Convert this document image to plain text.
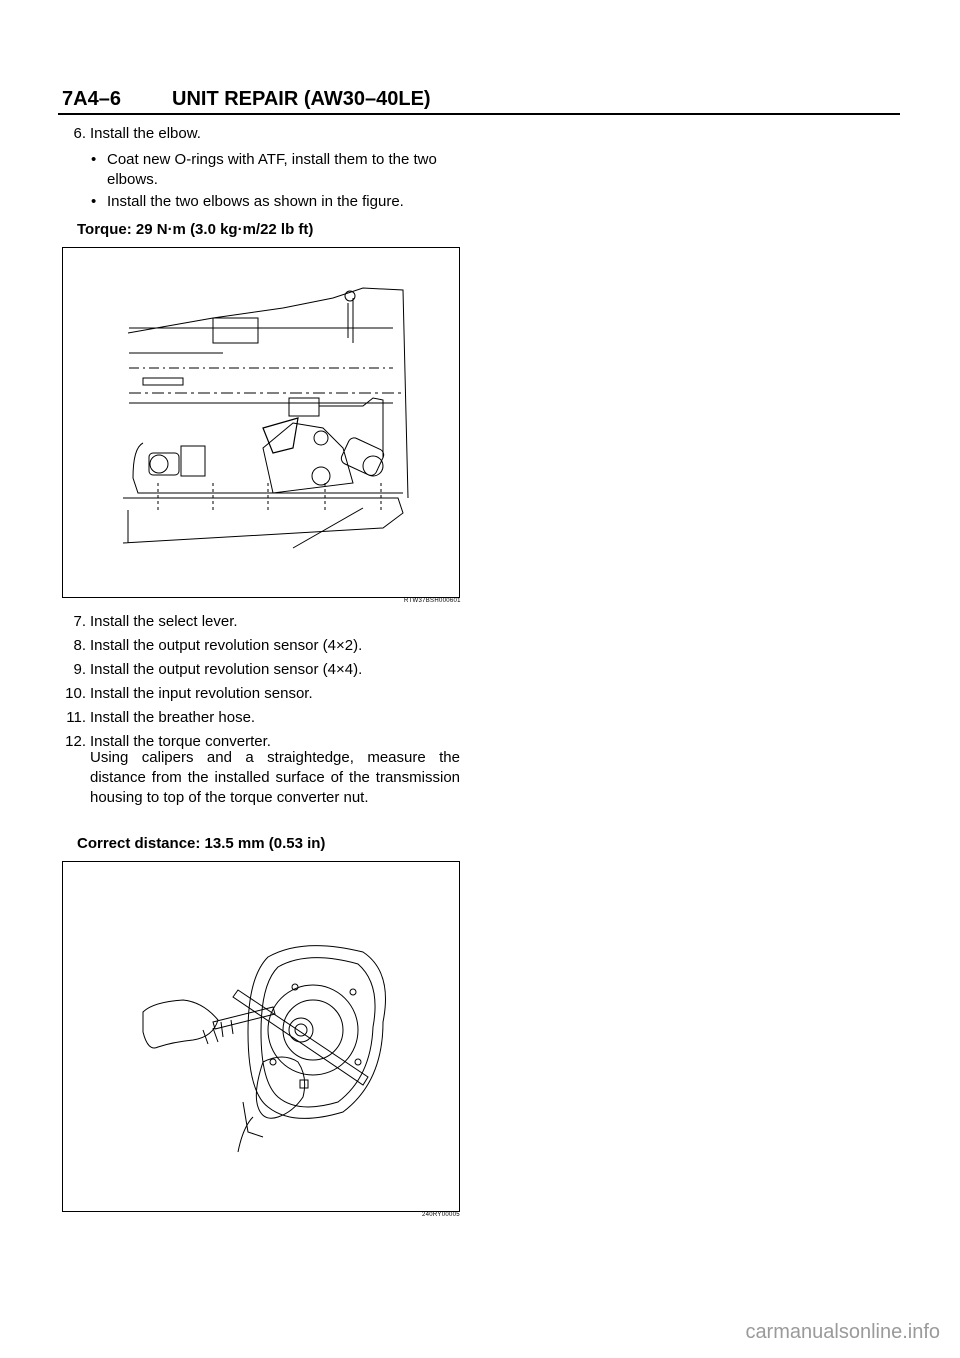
7A4–6	UNIT REPAIR (AW30–40LE)
6. Install the elbow.
• Coat new O-rings with ATF, install them to the two elbows.
• Install the two elbows as shown in the figure.
Torque: 29 N·m (3.0 kg·m/22 lb ft)
RTW37BSH000601
7. Install the select lever.
8. Install the output revolution sensor (4×2).
9. Install the output revolution sensor (4×4).
10. Install the input revolution sensor.
11. Install the breather hose.
12. Install the torque converter.
Using calipers and a straightedge, measure the distance from the installed surface of the transmission housing to top of the torque converter nut.
Correct distance: 13.5 mm (0.53 in)
240RY00005
carmanualsonline.info
